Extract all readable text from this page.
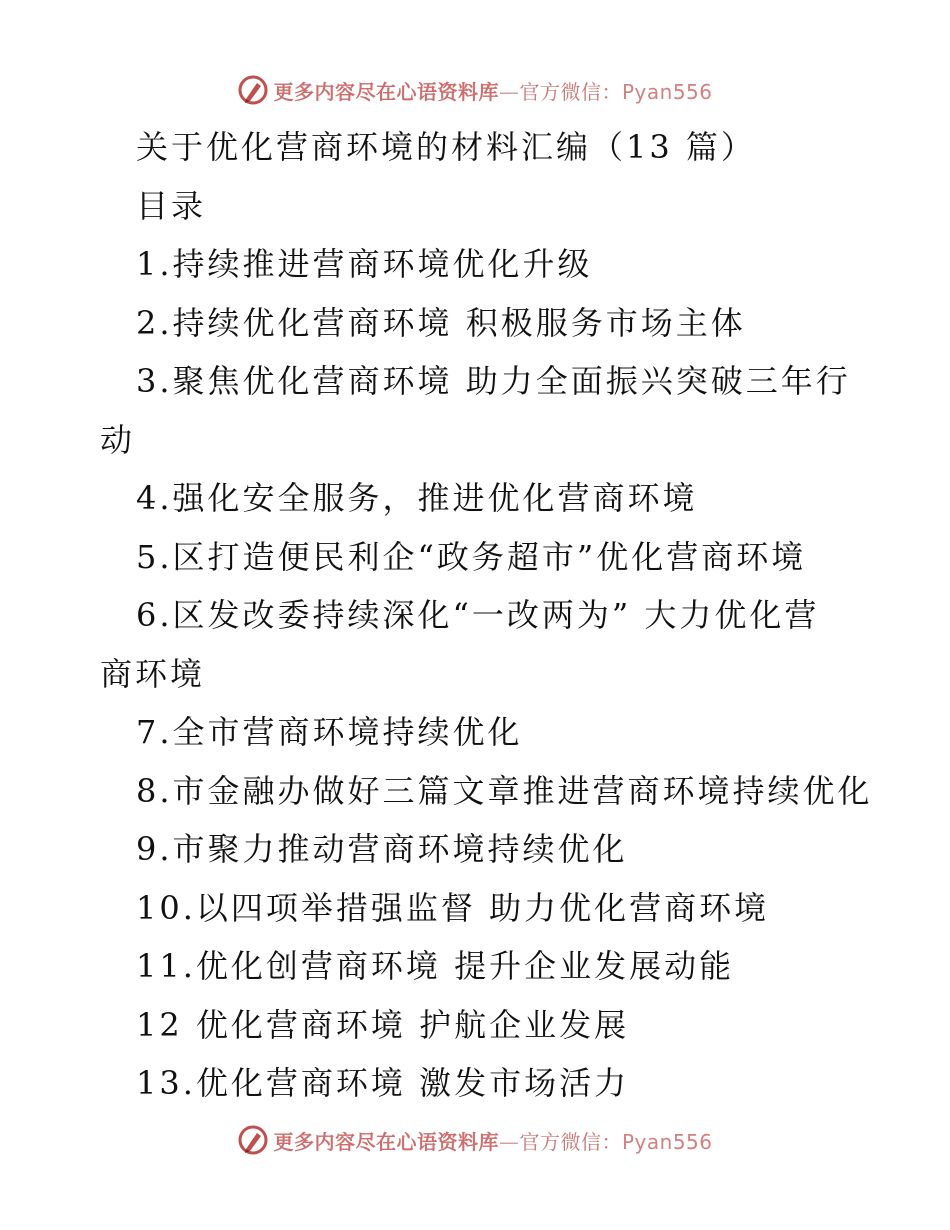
更多内容尽在心语资料库—官方微信：Pyan556
关于优化营商环境的材料汇编（13 篇）
目录
1.持续推进营商环境优化升级
2.持续优化营商环境 积极服务市场主体
3.聚焦优化营商环境 助力全面振兴突破三年行
动
4.强化安全服务，推进优化营商环境
5.区打造便民利企“政务超市”优化营商环境
6.区发改委持续深化“一改两为” 大力优化营
商环境
7.全市营商环境持续优化
8.市金融办做好三篇文章推进营商环境持续优化
9.市聚力推动营商环境持续优化
10.以四项举措强监督 助力优化营商环境
11.优化创营商环境 提升企业发展动能
12 优化营商环境 护航企业发展
13.优化营商环境 激发市场活力
更多内容尽在心语资料库—官方微信：Pyan556
